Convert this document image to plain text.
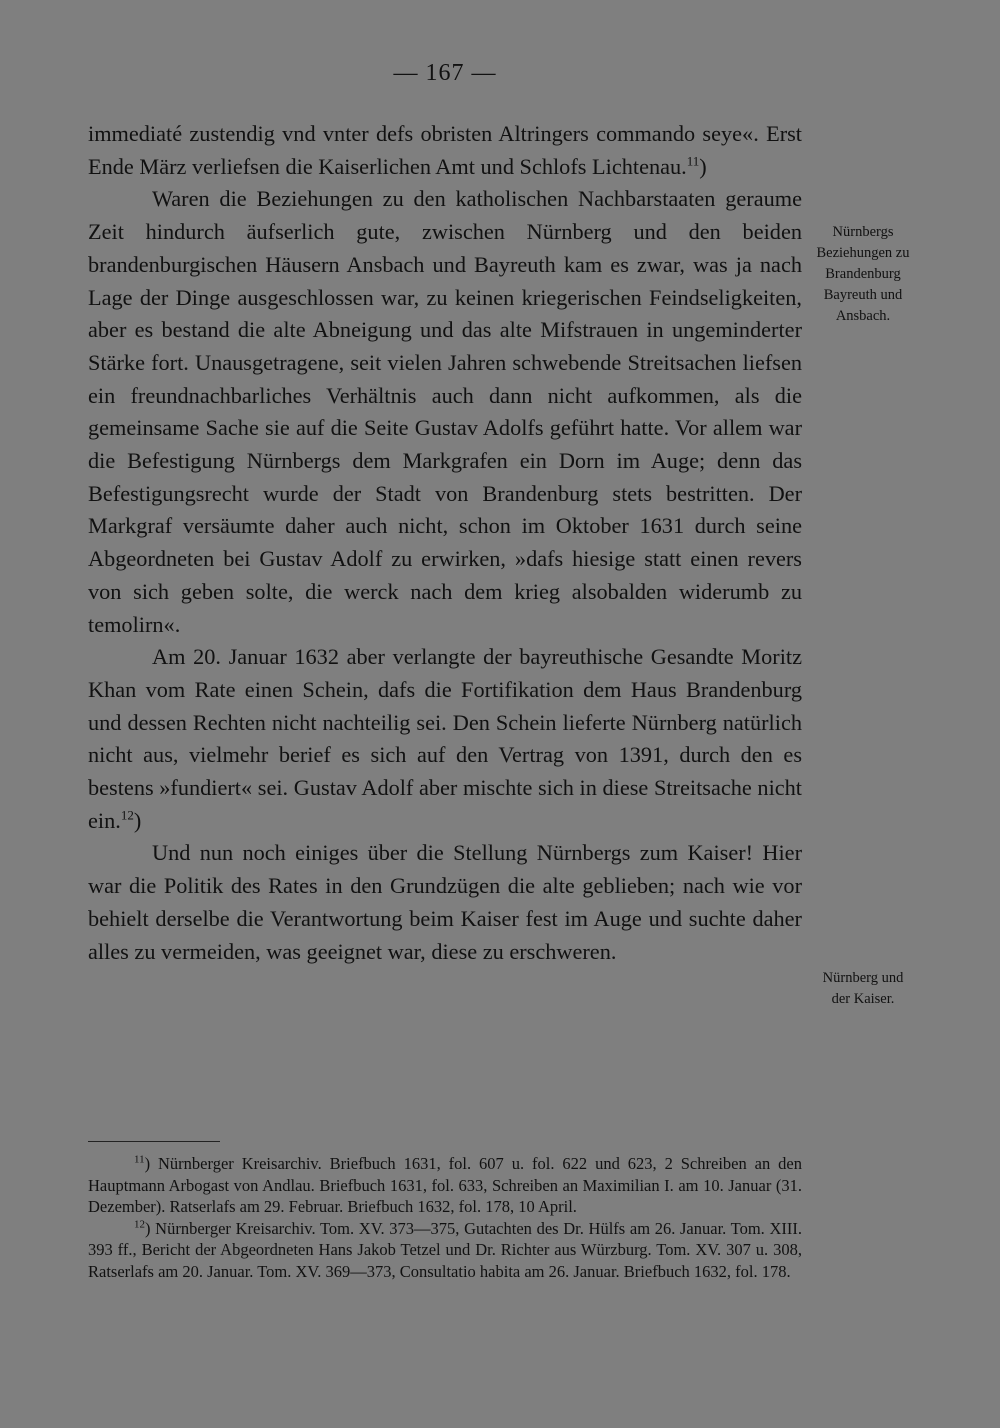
— 167 —

immediaté zustendig vnd vnter defs obristen Altringers commando seye«. Erst Ende März verliefsen die Kaiserlichen Amt und Schlofs Lichtenau.$^{11}$)

Waren die Beziehungen zu den katholischen Nachbarstaaten geraume Zeit hindurch äufserlich gute, zwischen Nürnberg und den beiden brandenburgischen Häusern Ansbach und Bayreuth kam es zwar, was ja nach Lage der Dinge ausgeschlossen war, zu keinen kriegerischen Feindseligkeiten, aber es bestand die alte Abneigung und das alte Mifstrauen in ungeminderter Stärke fort. Unausgetragene, seit vielen Jahren schwebende Streitsachen liefsen ein freundnachbarliches Verhältnis auch dann nicht aufkommen, als die gemeinsame Sache sie auf die Seite Gustav Adolfs geführt hatte. Vor allem war die Befestigung Nürnbergs dem Markgrafen ein Dorn im Auge; denn das Befestigungsrecht wurde der Stadt von Brandenburg stets bestritten. Der Markgraf versäumte daher auch nicht, schon im Oktober 1631 durch seine Abgeordneten bei Gustav Adolf zu erwirken, »dafs hiesige statt einen revers von sich geben solte, die werck nach dem krieg alsobalden widerumb zu temolirn«.

Am 20. Januar 1632 aber verlangte der bayreuthische Gesandte Moritz Khan vom Rate einen Schein, dafs die Fortifikation dem Haus Brandenburg und dessen Rechten nicht nachteilig sei. Den Schein lieferte Nürnberg natürlich nicht aus, vielmehr berief es sich auf den Vertrag von 1391, durch den es bestens »fundiert« sei. Gustav Adolf aber mischte sich in diese Streitsache nicht ein.$^{12}$)

Und nun noch einiges über die Stellung Nürnbergs zum Kaiser! Hier war die Politik des Rates in den Grundzügen die alte geblieben; nach wie vor behielt derselbe die Verantwortung beim Kaiser fest im Auge und suchte daher alles zu vermeiden, was geeignet war, diese zu erschweren.

Nürnbergs Beziehungen zu Brandenburg Bayreuth und Ansbach.
Nürnberg und der Kaiser.

$^{11}$) Nürnberger Kreisarchiv. Briefbuch 1631, fol. 607 u. fol. 622 und 623, 2 Schreiben an den Hauptmann Arbogast von Andlau. Briefbuch 1631, fol. 633, Schreiben an Maximilian I. am 10. Januar (31. Dezember). Ratserlafs am 29. Februar. Briefbuch 1632, fol. 178, 10 April.

$^{12}$) Nürnberger Kreisarchiv. Tom. XV. 373—375, Gutachten des Dr. Hülfs am 26. Januar. Tom. XIII. 393 ff., Bericht der Abgeordneten Hans Jakob Tetzel und Dr. Richter aus Würzburg. Tom. XV. 307 u. 308, Ratserlafs am 20. Januar. Tom. XV. 369—373, Consultatio habita am 26. Januar. Briefbuch 1632, fol. 178.
